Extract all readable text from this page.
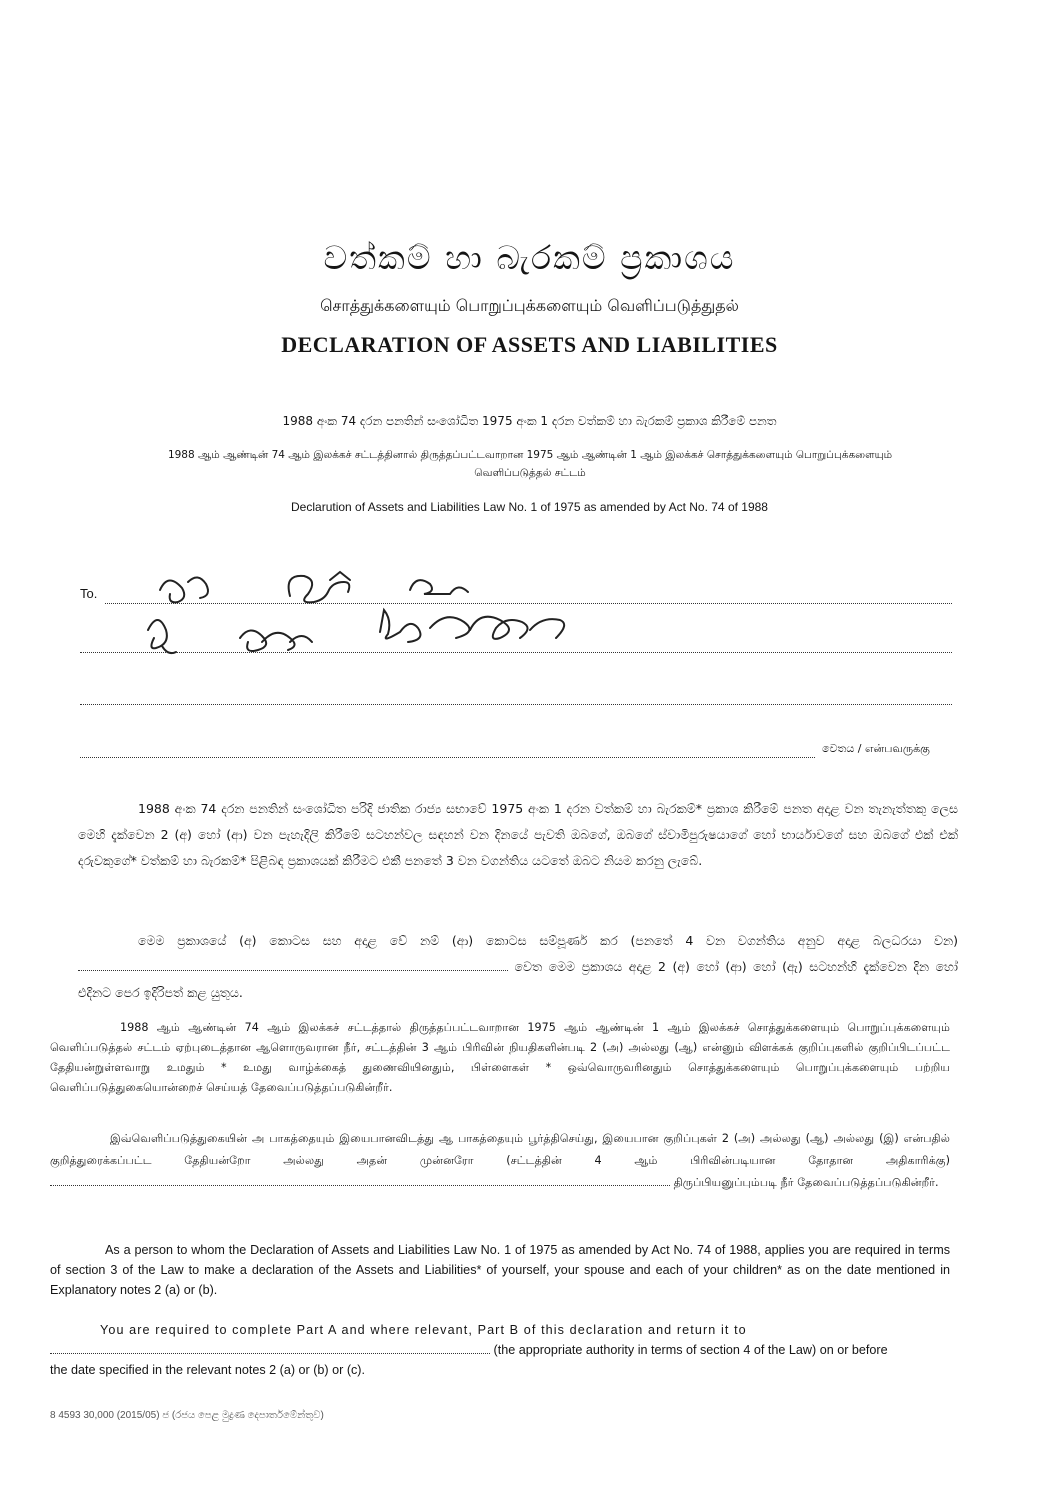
වත්කම් හා බැරකම් ප්‍රකාශය
சொத்துக்களையும் பொறுப்புக்களையும் வெளிப்படுத்துதல்
DECLARATION OF ASSETS AND LIABILITIES
1988 අංක 74 දරන පනතින් සංශෝධිත 1975 අංක 1 දරන වත්කම් හා බැරකම් ප්‍රකාශ කිරීමේ පනත
1988 ஆம் ஆண்டின் 74 ஆம் இலக்கச் சட்டத்தினால் திருத்தப்பட்டவாறான 1975 ஆம் ஆண்டின் 1 ஆம் இலக்கச் சொத்துக்களையும் பொறுப்புக்களையும்
வெளிப்படுத்தல் சட்டம்
Declarution of Assets and Liabilities Law No. 1 of 1975 as amended by Act No. 74 of 1988
To.
වෙතය / என்பவருக்கு
1988 අංක 74 දරන පනතින් සංශෝධිත පරිදි ජාතික රාජ්‍ය සභාවේ 1975 අංක 1 දරන වත්කම් හා බැරකම්* ප්‍රකාශ කිරීමේ පනත අදාළ වන තැනැත්තකු ලෙස මෙහි දැක්වෙන 2 (අ) හෝ (ආ) වන පැහැදිලි කිරීමේ සටහන්වල සඳහන් වන දිනයේ පැවති ඔබගේ, ඔබගේ ස්වාමිපුරුෂයාගේ හෝ භාර්යාවගේ සහ ඔබගේ එක් එක් දරුවකුගේ* වත්කම් හා බැරකම්* පිළිබඳ ප්‍රකාශයක් කිරීමට එකී පනතේ 3 වන වගන්තිය යටතේ ඔබට නියම කරනු ලැබේ.
මෙම ප්‍රකාශයේ (අ) කොටස සහ අදාළ වේ නම් (ආ) කොටස සම්පූර්ණ කර (පනතේ 4 වන වගන්තිය අනුව අදාළ බලධරයා වන)  වෙත මෙම ප්‍රකාශය අදාළ 2 (අ) හෝ (ආ) හෝ (ඇ) සටහන්හි දැක්වෙන දින හෝ එදිනට පෙර ඉදිරිපත් කළ යුතුය.
1988 ஆம் ஆண்டின் 74 ஆம் இலக்கச் சட்டத்தால் திருத்தப்பட்டவாறான 1975 ஆம் ஆண்டின் 1 ஆம் இலக்கச் சொத்துக்களையும் பொறுப்புக்களையும் வெளிப்படுத்தல் சட்டம் ஏற்புடைத்தான ஆளொருவரான நீர், சட்டத்தின் 3 ஆம் பிரிவின் நியதிகளின்படி 2 (அ) அல்லது (ஆ) என்னும் விளக்கக் குறிப்புகளில் குறிப்பிடப்பட்ட தேதியன்றுள்ளவாறு உமதும் * உமது வாழ்க்கைத் துணைவியினதும், பிள்ளைகள் * ஒவ்வொருவரினதும் சொத்துக்களையும் பொறுப்புக்களையும் பற்றிய வெளிப்படுத்துகையொன்றைச் செய்யத் தேவைப்படுத்தப்படுகின்றீர்.
இவ்வெளிப்படுத்துகையின் அ பாகத்தையும் இயைபானவிடத்து ஆ பாகத்தையும் பூர்த்திசெய்து, இயைபான குறிப்புகள் 2 (அ) அல்லது (ஆ) அல்லது (இ) என்பதில் குறித்துரைக்கப்பட்ட தேதியன்றோ அல்லது அதன் முன்னரோ (சட்டத்தின் 4 ஆம் பிரிவின்படியான தோதான அதிகாரிக்கு)  திருப்பியனுப்பும்படி நீர் தேவைப்படுத்தப்படுகின்றீர்.
As a person to whom the Declaration of Assets and Liabilities Law No. 1 of 1975 as amended by Act No. 74 of 1988, applies you are required in terms of section 3 of the Law to make a declaration of the Assets and Liabilities* of yourself, your spouse and each of your children* as on the date mentioned in Explanatory notes 2 (a) or (b).
You are required to complete Part A and where relevant, Part B of this declaration and return it to
(the appropriate authority in terms of section 4 of the Law) on or before
the date specified in the relevant notes 2 (a) or (b) or (c).
8 4593 30,000 (2015/05) ජ (රජය පෙළ මුද්‍රණ දෙපාර්තමේන්තුව)
